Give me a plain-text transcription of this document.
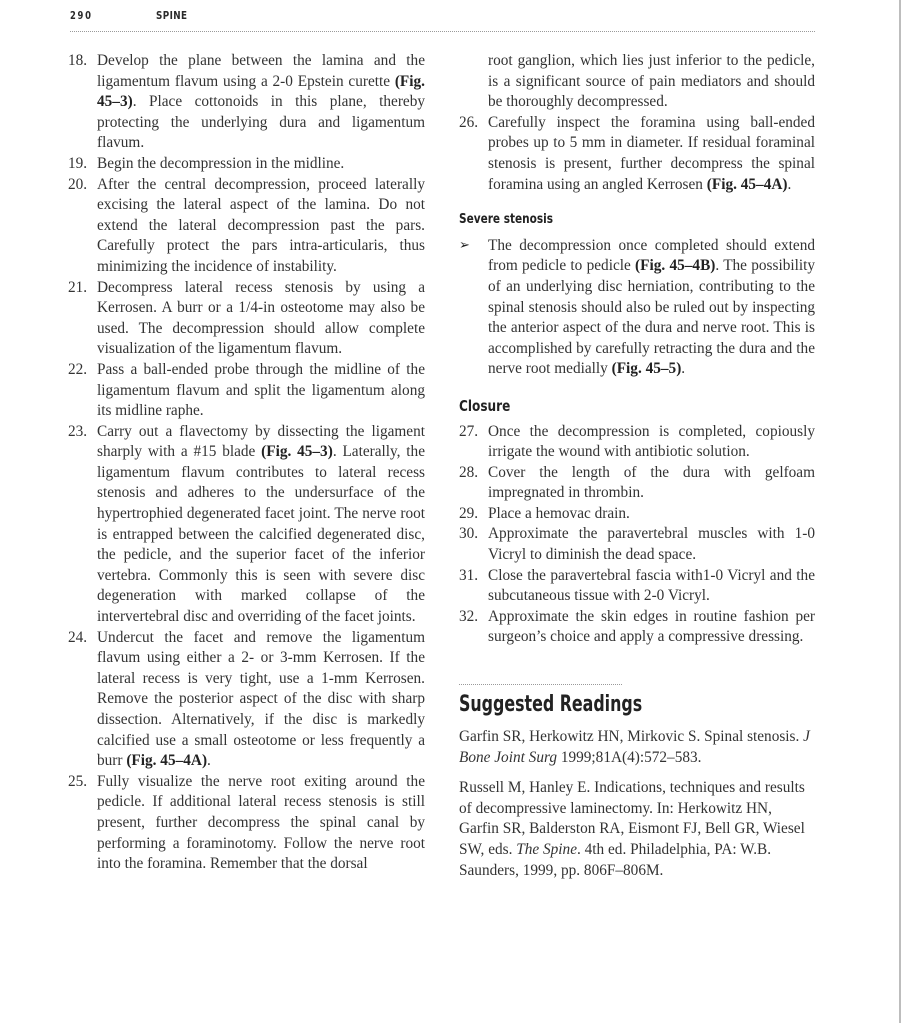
290	SPINE
18. Develop the plane between the lamina and the ligamentum flavum using a 2-0 Epstein curette (Fig. 45–3). Place cottonoids in this plane, thereby protecting the underlying dura and ligamentum flavum.
19. Begin the decompression in the midline.
20. After the central decompression, proceed laterally excising the lateral aspect of the lamina. Do not extend the lateral decompression past the pars. Carefully protect the pars intra-articularis, thus minimizing the incidence of instability.
21. Decompress lateral recess stenosis by using a Kerrosen. A burr or a 1/4-in osteotome may also be used. The decompression should allow complete visualization of the ligamentum flavum.
22. Pass a ball-ended probe through the midline of the ligamentum flavum and split the ligamentum along its midline raphe.
23. Carry out a flavectomy by dissecting the ligament sharply with a #15 blade (Fig. 45–3). Laterally, the ligamentum flavum contributes to lateral recess stenosis and adheres to the undersurface of the hypertrophied degenerated facet joint. The nerve root is entrapped between the calcified degenerated disc, the pedicle, and the superior facet of the inferior vertebra. Commonly this is seen with severe disc degeneration with marked collapse of the intervertebral disc and overriding of the facet joints.
24. Undercut the facet and remove the ligamentum flavum using either a 2- or 3-mm Kerrosen. If the lateral recess is very tight, use a 1-mm Kerrosen. Remove the posterior aspect of the disc with sharp dissection. Alternatively, if the disc is markedly calcified use a small osteotome or less frequently a burr (Fig. 45–4A).
25. Fully visualize the nerve root exiting around the pedicle. If additional lateral recess stenosis is still present, further decompress the spinal canal by performing a foraminotomy. Follow the nerve root into the foramina. Remember that the dorsal
root ganglion, which lies just inferior to the pedicle, is a significant source of pain mediators and should be thoroughly decompressed.
26. Carefully inspect the foramina using ball-ended probes up to 5 mm in diameter. If residual foraminal stenosis is present, further decompress the spinal foramina using an angled Kerrosen (Fig. 45–4A).
Severe stenosis
➢ The decompression once completed should extend from pedicle to pedicle (Fig. 45–4B). The possibility of an underlying disc herniation, contributing to the spinal stenosis should also be ruled out by inspecting the anterior aspect of the dura and nerve root. This is accomplished by carefully retracting the dura and the nerve root medially (Fig. 45–5).
Closure
27. Once the decompression is completed, copiously irrigate the wound with antibiotic solution.
28. Cover the length of the dura with gelfoam impregnated in thrombin.
29. Place a hemovac drain.
30. Approximate the paravertebral muscles with 1-0 Vicryl to diminish the dead space.
31. Close the paravertebral fascia with1-0 Vicryl and the subcutaneous tissue with 2-0 Vicryl.
32. Approximate the skin edges in routine fashion per surgeon’s choice and apply a compressive dressing.
Suggested Readings
Garfin SR, Herkowitz HN, Mirkovic S. Spinal stenosis. J Bone Joint Surg 1999;81A(4):572–583.
Russell M, Hanley E. Indications, techniques and results of decompressive laminectomy. In: Herkowitz HN, Garfin SR, Balderston RA, Eismont FJ, Bell GR, Wiesel SW, eds. The Spine. 4th ed. Philadelphia, PA: W.B. Saunders, 1999, pp. 806F–806M.
